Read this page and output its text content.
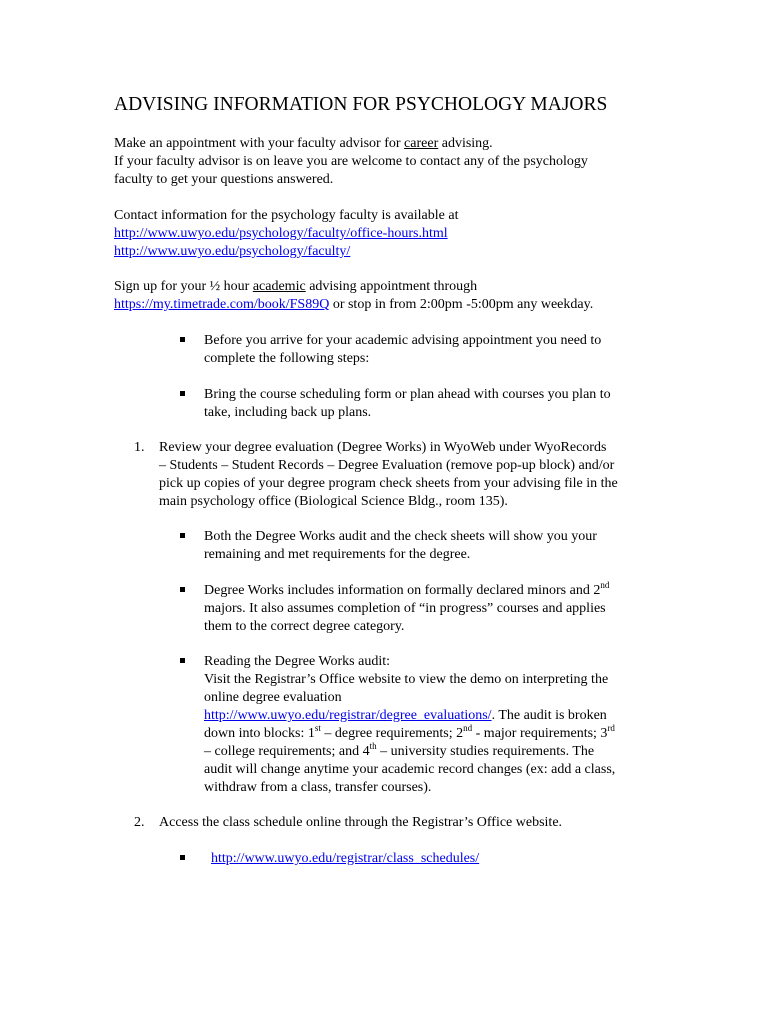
ADVISING INFORMATION FOR PSYCHOLOGY MAJORS
Make an appointment with your faculty advisor for career advising.
If your faculty advisor is on leave you are welcome to contact any of the psychology
faculty to get your questions answered.
Contact information for the psychology faculty is available at
http://www.uwyo.edu/psychology/faculty/office-hours.html
http://www.uwyo.edu/psychology/faculty/
Sign up for your ½ hour academic advising appointment through
https://my.timetrade.com/book/FS89Q or stop in from 2:00pm -5:00pm any weekday.
Before you arrive for your academic advising appointment you need to
complete the following steps:
Bring the course scheduling form or plan ahead with courses you plan to
take, including back up plans.
1. Review your degree evaluation (Degree Works) in WyoWeb under WyoRecords
– Students – Student Records – Degree Evaluation (remove pop-up block) and/or
pick up copies of your degree program check sheets from your advising file in the
main psychology office (Biological Science Bldg., room 135).
Both the Degree Works audit and the check sheets will show you your
remaining and met requirements for the degree.
Degree Works includes information on formally declared minors and 2nd
majors. It also assumes completion of “in progress” courses and applies
them to the correct degree category.
Reading the Degree Works audit:
Visit the Registrar’s Office website to view the demo on interpreting the
online degree evaluation
http://www.uwyo.edu/registrar/degree_evaluations/. The audit is broken
down into blocks: 1st – degree requirements; 2nd - major requirements; 3rd
– college requirements; and 4th – university studies requirements. The
audit will change anytime your academic record changes (ex: add a class,
withdraw from a class, transfer courses).
2. Access the class schedule online through the Registrar’s Office website.
http://www.uwyo.edu/registrar/class_schedules/
